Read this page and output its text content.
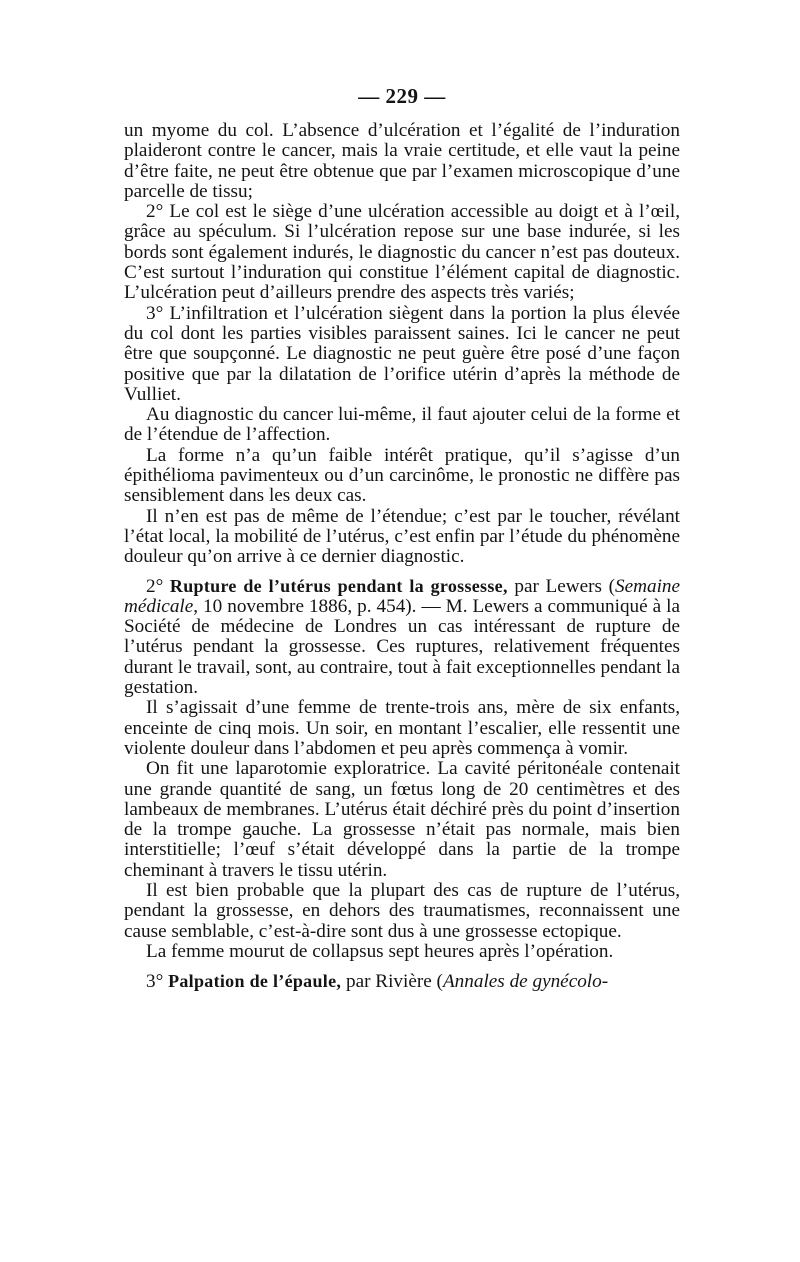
— 229 —

un myome du col. L’absence d’ulcération et l’égalité de l’induration plaideront contre le cancer, mais la vraie certitude, et elle vaut la peine d’être faite, ne peut être obtenue que par l’examen microscopique d’une parcelle de tissu;

2° Le col est le siège d’une ulcération accessible au doigt et à l’œil, grâce au spéculum. Si l’ulcération repose sur une base indurée, si les bords sont également indurés, le diagnostic du cancer n’est pas douteux. C’est surtout l’induration qui constitue l’élément capital de diagnostic. L’ulcération peut d’ailleurs prendre des aspects très variés;

3° L’infiltration et l’ulcération siègent dans la portion la plus élevée du col dont les parties visibles paraissent saines. Ici le cancer ne peut être que soupçonné. Le diagnostic ne peut guère être posé d’une façon positive que par la dilatation de l’orifice utérin d’après la méthode de Vulliet.

Au diagnostic du cancer lui-même, il faut ajouter celui de la forme et de l’étendue de l’affection.

La forme n’a qu’un faible intérêt pratique, qu’il s’agisse d’un épithélioma pavimenteux ou d’un carcinôme, le pronostic ne diffère pas sensiblement dans les deux cas.

Il n’en est pas de même de l’étendue; c’est par le toucher, révélant l’état local, la mobilité de l’utérus, c’est enfin par l’étude du phénomène douleur qu’on arrive à ce dernier diagnostic.

2° Rupture de l’utérus pendant la grossesse, par Lewers (Semaine médicale, 10 novembre 1886, p. 454). — M. Lewers a communiqué à la Société de médecine de Londres un cas intéressant de rupture de l’utérus pendant la grossesse. Ces ruptures, relativement fréquentes durant le travail, sont, au contraire, tout à fait exceptionnelles pendant la gestation.

Il s’agissait d’une femme de trente-trois ans, mère de six enfants, enceinte de cinq mois. Un soir, en montant l’escalier, elle ressentit une violente douleur dans l’abdomen et peu après commença à vomir.

On fit une laparotomie exploratrice. La cavité péritonéale contenait une grande quantité de sang, un fœtus long de 20 centimètres et des lambeaux de membranes. L’utérus était déchiré près du point d’insertion de la trompe gauche. La grossesse n’était pas normale, mais bien interstitielle; l’œuf s’était développé dans la partie de la trompe cheminant à travers le tissu utérin.

Il est bien probable que la plupart des cas de rupture de l’utérus, pendant la grossesse, en dehors des traumatismes, reconnaissent une cause semblable, c’est-à-dire sont dus à une grossesse ectopique.

La femme mourut de collapsus sept heures après l’opération.

3° Palpation de l’épaule, par Rivière (Annales de gynécolo-
